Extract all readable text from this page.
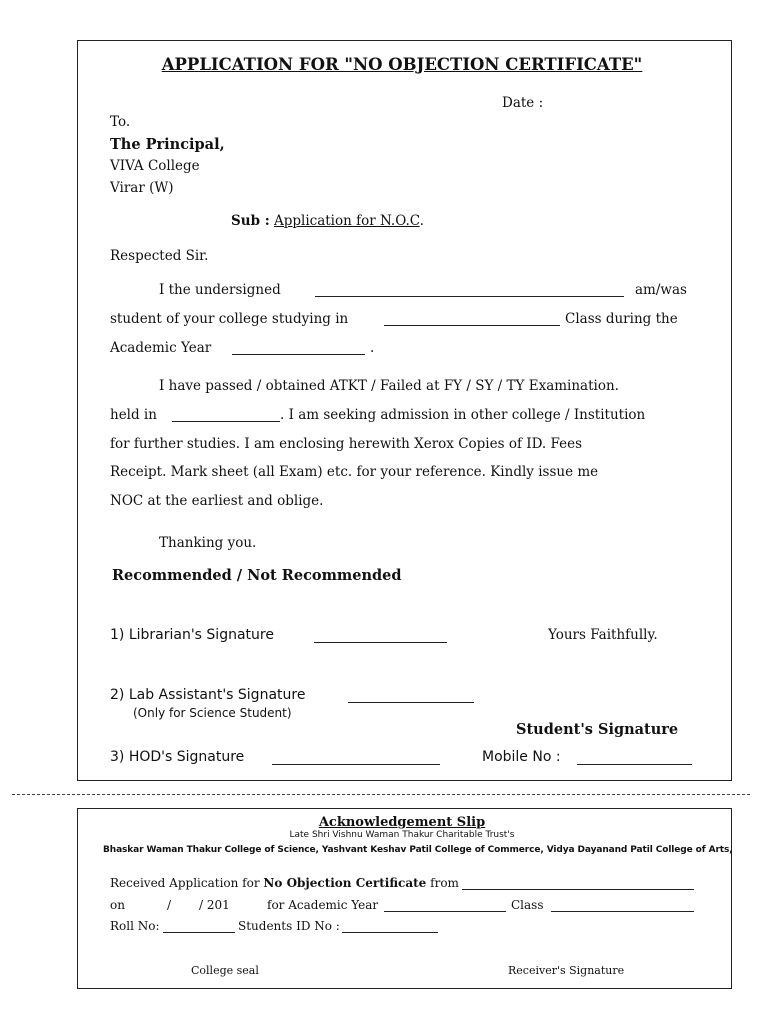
APPLICATION FOR "NO OBJECTION CERTIFICATE"
Date :
To.
The Principal,
VIVA College
Virar (W)
Sub : Application for N.O.C.
Respected Sir.
I the undersigned	am/was
student of your college studying in	Class during the
Academic Year	.
I have passed / obtained ATKT / Failed at FY / SY / TY Examination.
held in	. I am seeking admission in other college / Institution
for further studies. I am enclosing herewith Xerox Copies of ID. Fees
Receipt. Mark sheet (all Exam) etc. for your reference. Kindly issue me
NOC at the earliest and oblige.
Thanking you.
Recommended / Not Recommended
1) Librarian's Signature	Yours Faithfully.
2) Lab Assistant's Signature
(Only for Science Student)
Student's Signature
3) HOD's Signature	Mobile No :
Acknowledgement Slip
Late Shri Vishnu Waman Thakur Charitable Trust's
Bhaskar Waman Thakur College of Science, Yashvant Keshav Patil College of Commerce, Vidya Dayanand Patil College of Arts,
Received Application for No Objection Certificate from
on	/ / 201	for Academic Year	Class
Roll No:	Students ID No :
College seal	Receiver's Signature
